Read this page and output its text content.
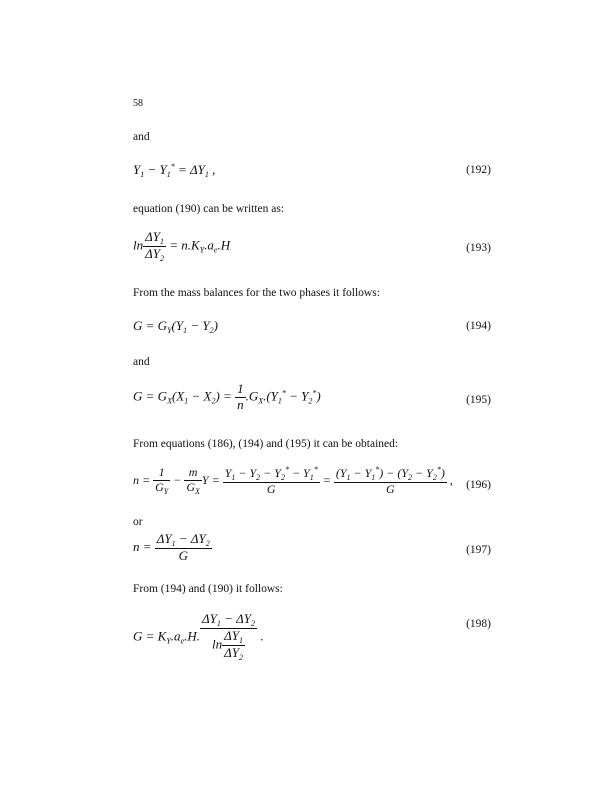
58
and
$Y_1 - Y_1^* = \Delta Y_1$ ,	(192)
equation (190) can be written as:
$\ln \frac{\Delta Y_1}{\Delta Y_2} = n.K_Y.a_e.H$	(193)
From the mass balances for the two phases it follows:
$G = G_Y(Y_1 - Y_2)$	(194)
and
$G = G_X(X_1 - X_2) = \frac{1}{n} .G_X.(Y_1^* - Y_2^*)$	(195)
From equations (186), (194) and (195) it can be obtained:
$n = \frac{1}{G_Y} - \frac{m}{G_X}$ $Y = \frac{Y_1 - Y_2 - Y_2^* - Y_1^*}{G} = \frac{(Y_1 - Y_1^*) - (Y_2 - Y_2^*)}{G}$ , (196)
or
$n = \frac{\Delta Y_1 - \Delta Y_2}{G}$	(197)
From (194) and (190) it follows:
$G = K_Y.a_e.H$. $\frac{\Delta Y_1 - \Delta Y_2}{\ln \frac{\Delta Y_1}{\Delta Y_2}}$ .
(198)
